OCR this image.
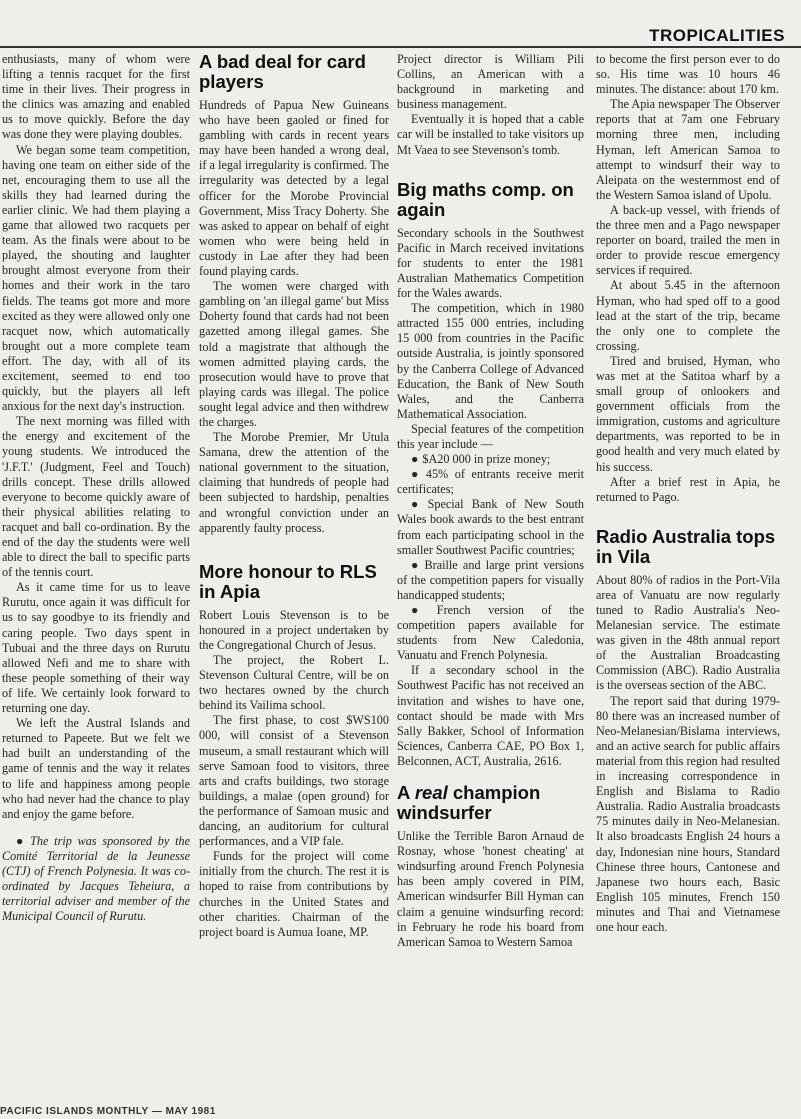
TROPICALITIES

enthusiasts, many of whom were lifting a tennis racquet for the first time in their lives. Their progress in the clinics was amazing and enabled us to move quickly. Before the day was done they were playing doubles.

We began some team competition, having one team on either side of the net, encouraging them to use all the skills they had learned during the earlier clinic. We had them playing a game that allowed two racquets per team. As the finals were about to be played, the shouting and laughter brought almost everyone from their homes and their work in the taro fields. The teams got more and more excited as they were allowed only one racquet now, which automatically brought out a more complete team effort. The day, with all of its excitement, seemed to end too quickly, but the players all left anxious for the next day's instruction.

The next morning was filled with the energy and excitement of the young students. We introduced the 'J.F.T.' (Judgment, Feel and Touch) drills concept. These drills allowed everyone to become quickly aware of their physical abilities relating to racquet and ball co-ordination. By the end of the day the students were well able to direct the ball to specific parts of the tennis court.

As it came time for us to leave Rurutu, once again it was difficult for us to say goodbye to its friendly and caring people. Two days spent in Tubuai and the three days on Rurutu allowed Nefi and me to share with these people something of their way of life. We certainly look forward to returning one day.

We left the Austral Islands and returned to Papeete. But we felt we had built an understanding of the game of tennis and the way it relates to life and happiness among people who had never had the chance to play and enjoy the game before.

● The trip was sponsored by the Comité Territorial de la Jeunesse (CTJ) of French Polynesia. It was co-ordinated by Jacques Teheiura, a territorial adviser and member of the Municipal Council of Rurutu.

A bad deal for card players

Hundreds of Papua New Guineans who have been gaoled or fined for gambling with cards in recent years may have been handed a wrong deal, if a legal irregularity is confirmed. The irregularity was detected by a legal officer for the Morobe Provincial Government, Miss Tracy Doherty. She was asked to appear on behalf of eight women who were being held in custody in Lae after they had been found playing cards.

The women were charged with gambling on 'an illegal game' but Miss Doherty found that cards had not been gazetted among illegal games. She told a magistrate that although the women admitted playing cards, the prosecution would have to prove that playing cards was illegal. The police sought legal advice and then withdrew the charges.

The Morobe Premier, Mr Utula Samana, drew the attention of the national government to the situation, claiming that hundreds of people had been subjected to hardship, penalties and wrongful conviction under an apparently faulty process.

More honour to RLS in Apia

Robert Louis Stevenson is to be honoured in a project undertaken by the Congregational Church of Jesus.

The project, the Robert L. Stevenson Cultural Centre, will be on two hectares owned by the church behind its Vailima school.

The first phase, to cost $WS100 000, will consist of a Stevenson museum, a small restaurant which will serve Samoan food to visitors, three arts and crafts buildings, two storage buildings, a malae (open ground) for the performance of Samoan music and dancing, an auditorium for cultural performances, and a VIP fale.

Funds for the project will come initially from the church. The rest it is hoped to raise from contributions by churches in the United States and other charities. Chairman of the project board is Aumua Ioane, MP.

Project director is William Pili Collins, an American with a background in marketing and business management.

Eventually it is hoped that a cable car will be installed to take visitors up Mt Vaea to see Stevenson's tomb.

Big maths comp. on again

Secondary schools in the Southwest Pacific in March received invitations for students to enter the 1981 Australian Mathematics Competition for the Wales awards.

The competition, which in 1980 attracted 155 000 entries, including 15 000 from countries in the Pacific outside Australia, is jointly sponsored by the Canberra College of Advanced Education, the Bank of New South Wales, and the Canberra Mathematical Association.

Special features of the competition this year include —

● $A20 000 in prize money;

● 45% of entrants receive merit certificates;

● Special Bank of New South Wales book awards to the best entrant from each participating school in the smaller Southwest Pacific countries;

● Braille and large print versions of the competition papers for visually handicapped students;

● French version of the competition papers available for students from New Caledonia, Vanuatu and French Polynesia.

If a secondary school in the Southwest Pacific has not received an invitation and wishes to have one, contact should be made with Mrs Sally Bakker, School of Information Sciences, Canberra CAE, PO Box 1, Belconnen, ACT, Australia, 2616.

A real champion windsurfer

Unlike the Terrible Baron Arnaud de Rosnay, whose 'honest cheating' at windsurfing around French Polynesia has been amply covered in PIM, American windsurfer Bill Hyman can claim a genuine windsurfing record: in February he rode his board from American Samoa to Western Samoa

to become the first person ever to do so. His time was 10 hours 46 minutes. The distance: about 170 km.

The Apia newspaper The Observer reports that at 7am one February morning three men, including Hyman, left American Samoa to attempt to windsurf their way to Aleipata on the westernmost end of the Western Samoa island of Upolu.

A back-up vessel, with friends of the three men and a Pago newspaper reporter on board, trailed the men in order to provide rescue emergency services if required.

At about 5.45 in the afternoon Hyman, who had sped off to a good lead at the start of the trip, became the only one to complete the crossing.

Tired and bruised, Hyman, who was met at the Satitoa wharf by a small group of onlookers and government officials from the immigration, customs and agriculture departments, was reported to be in good health and very much elated by his success.

After a brief rest in Apia, he returned to Pago.

Radio Australia tops in Vila

About 80% of radios in the Port-Vila area of Vanuatu are now regularly tuned to Radio Australia's Neo-Melanesian service. The estimate was given in the 48th annual report of the Australian Broadcasting Commission (ABC). Radio Australia is the overseas section of the ABC.

The report said that during 1979-80 there was an increased number of Neo-Melanesian/Bislama interviews, and an active search for public affairs material from this region had resulted in increasing correspondence in English and Bislama to Radio Australia. Radio Australia broadcasts 75 minutes daily in Neo-Melanesian. It also broadcasts English 24 hours a day, Indonesian nine hours, Standard Chinese three hours, Cantonese and Japanese two hours each, Basic English 105 minutes, French 150 minutes and Thai and Vietnamese one hour each.

PACIFIC ISLANDS MONTHLY — MAY 1981
